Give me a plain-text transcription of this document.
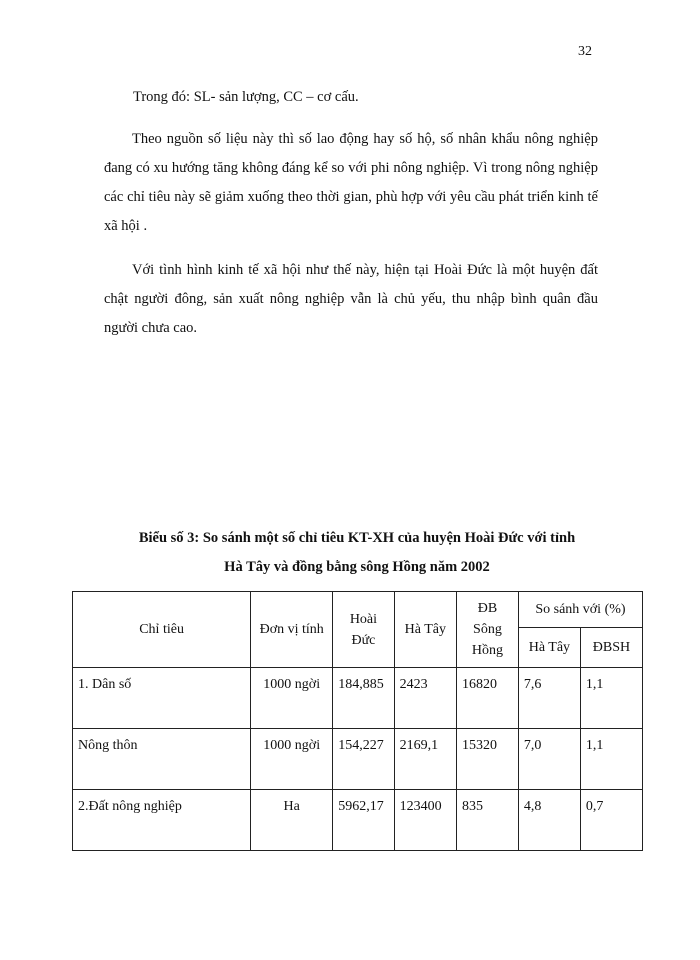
32

Trong đó: SL- sản lượng, CC – cơ cấu.

Theo nguồn số liệu này thì số lao động hay số hộ, số nhân khẩu nông nghiệp đang có xu hướng tăng không đáng kể so với phi nông nghiệp. Vì trong nông nghiệp các chỉ tiêu này sẽ giảm xuống theo thời gian, phù hợp với yêu cầu phát triển kinh tế xã hội .

Với tình hình kinh tế xã hội như thế này, hiện tại Hoài Đức là một huyện đất chật người đông, sản xuất nông nghiệp vẫn là chủ yếu, thu nhập bình quân đầu người chưa cao.

Biểu số 3: So sánh một số chỉ tiêu KT-XH của huyện Hoài Đức với tỉnh
Hà Tây và đồng bằng sông Hồng năm 2002
Chỉ tiêu	Đơn vị tính	Hoài Đức	Hà Tây	ĐB Sông Hồng	So sánh với (%)	
					Hà Tây	ĐBSH
1. Dân số	1000 ngời	184,885	2423	16820	7,6	1,1
Nông thôn	1000 ngời	154,227	2169,1	15320	7,0	1,1
2.Đất nông nghiệp	Ha	5962,17	123400	835	4,8	0,7
